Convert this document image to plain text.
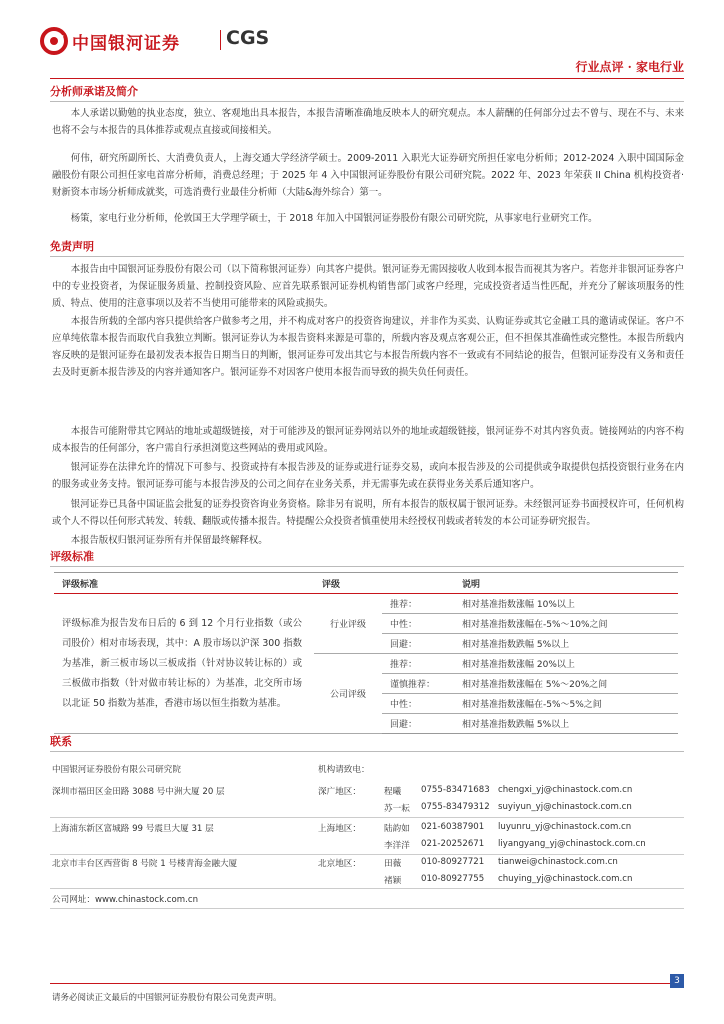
中国银河证券 CGS
行业点评 · 家电行业
分析师承诺及简介

本人承诺以勤勉的执业态度，独立、客观地出具本报告，本报告清晰准确地反映本人的研究观点。本人薪酬的任何部分过去不曾与、现在不与、未来也将不会与本报告的具体推荐或观点直接或间接相关。

何伟，研究所副所长、大消费负责人，上海交通大学经济学硕士。2009-2011 入职光大证券研究所担任家电分析师；2012-2024 入职中国国际金融股份有限公司担任家电首席分析师，消费总经理；于 2025 年 4 入中国银河证券股份有限公司研究院。2022 年、2023 年荣获 II China 机构投资者·财新资本市场分析师成就奖，可选消费行业最佳分析师（大陆&海外综合）第一。

杨策，家电行业分析师，伦敦国王大学理学硕士，于 2018 年加入中国银河证券股份有限公司研究院，从事家电行业研究工作。

免责声明

本报告由中国银河证券股份有限公司（以下简称银河证券）向其客户提供。银河证券无需因接收人收到本报告而视其为客户。若您并非银河证券客户中的专业投资者，为保证服务质量、控制投资风险、应首先联系银河证券机构销售部门或客户经理，完成投资者适当性匹配，并充分了解该项服务的性质、特点、使用的注意事项以及若不当使用可能带来的风险或损失。

本报告所载的全部内容只提供给客户做参考之用，并不构成对客户的投资咨询建议，并非作为买卖、认购证券或其它金融工具的邀请或保证。客户不应单纯依靠本报告而取代自我独立判断。银河证券认为本报告资料来源是可靠的，所载内容及观点客观公正，但不担保其准确性或完整性。本报告所载内容反映的是银河证券在最初发表本报告日期当日的判断，银河证券可发出其它与本报告所载内容不一致或有不同结论的报告，但银河证券没有义务和责任去及时更新本报告涉及的内容并通知客户。银河证券不对因客户使用本报告而导致的损失负任何责任。

本报告可能附带其它网站的地址或超级链接，对于可能涉及的银河证券网站以外的地址或超级链接，银河证券不对其内容负责。链接网站的内容不构成本报告的任何部分，客户需自行承担浏览这些网站的费用或风险。

银河证券在法律允许的情况下可参与、投资或持有本报告涉及的证券或进行证券交易，或向本报告涉及的公司提供或争取提供包括投资银行业务在内的服务或业务支持。银河证券可能与本报告涉及的公司之间存在业务关系，并无需事先或在获得业务关系后通知客户。

银河证券已具备中国证监会批复的证券投资咨询业务资格。除非另有说明，所有本报告的版权属于银河证券。未经银河证券书面授权许可，任何机构或个人不得以任何形式转发、转载、翻版或传播本报告。特提醒公众投资者慎重使用未经授权刊载或者转发的本公司证券研究报告。

本报告版权归银河证券所有并保留最终解释权。

评级标准
评级标准	评级		说明
评级标准为报告发布日后的 6 到 12 个月行业指数（或公司股价）相对市场表现，其中：A 股市场以沪深 300 指数为基准，新三板市场以三板成指（针对协议转让标的）或三板做市指数（针对做市转让标的）为基准，北交所市场以北证 50 指数为基准，香港市场以恒生指数为基准。	行业评级	推荐：	相对基准指数涨幅 10%以上
		中性：	相对基准指数涨幅在-5%～10%之间
		回避：	相对基准指数跌幅 5%以上
	公司评级	推荐：	相对基准指数涨幅 20%以上
		谨慎推荐：	相对基准指数涨幅在 5%～20%之间
		中性：	相对基准指数涨幅在-5%～5%之间
		回避：	相对基准指数跌幅 5%以上
联系
中国银河证券股份有限公司研究院	机构请致电：
深圳市福田区金田路 3088 号中洲大厦 20 层	深广地区：	程曦 0755-83471683 chengxi_yj@chinastock.com.cn
苏一耘 0755-83479312 suyiyun_yj@chinastock.com.cn
上海浦东新区富城路 99 号震旦大厦 31 层	上海地区：	陆韵如 021-60387901 luyunru_yj@chinastock.com.cn
李洋洋 021-20252671 liyangyang_yj@chinastock.com.cn
北京市丰台区西营街 8 号院 1 号楼青海金融大厦	北京地区：	田薇 010-80927721 tianwei@chinastock.com.cn
褚颖 010-80927755 chuying_yj@chinastock.com.cn
公司网址：www.chinastock.com.cn
请务必阅读正文最后的中国银河证券股份有限公司免责声明。
3
